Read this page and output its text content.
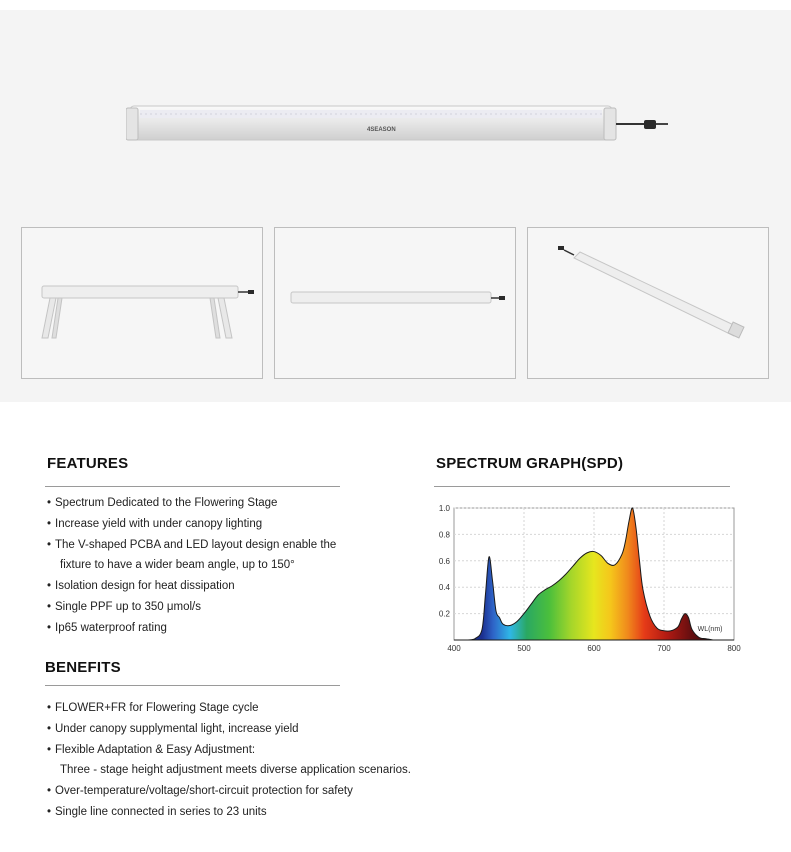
4SEASON
FEATURES
• Spectrum Dedicated to the Flowering Stage
• Increase yield with under canopy lighting
• The V-shaped PCBA and LED layout design enable the
fixture to have a wider beam angle, up to 150°
• Isolation design for heat dissipation
• Single PPF up to 350 μmol/s
• Ip65 waterproof rating
BENEFITS
• FLOWER+FR for Flowering Stage cycle
• Under canopy supplymental light, increase yield
• Flexible Adaptation & Easy Adjustment:
Three - stage height adjustment meets diverse application scenarios.
• Over-temperature/voltage/short-circuit protection for safety
• Single line connected in series to 23 units
SPECTRUM GRAPH(SPD)
400	500	600	700	800
0.2
0.4
0.6
0.8
1.0
WL(nm)
